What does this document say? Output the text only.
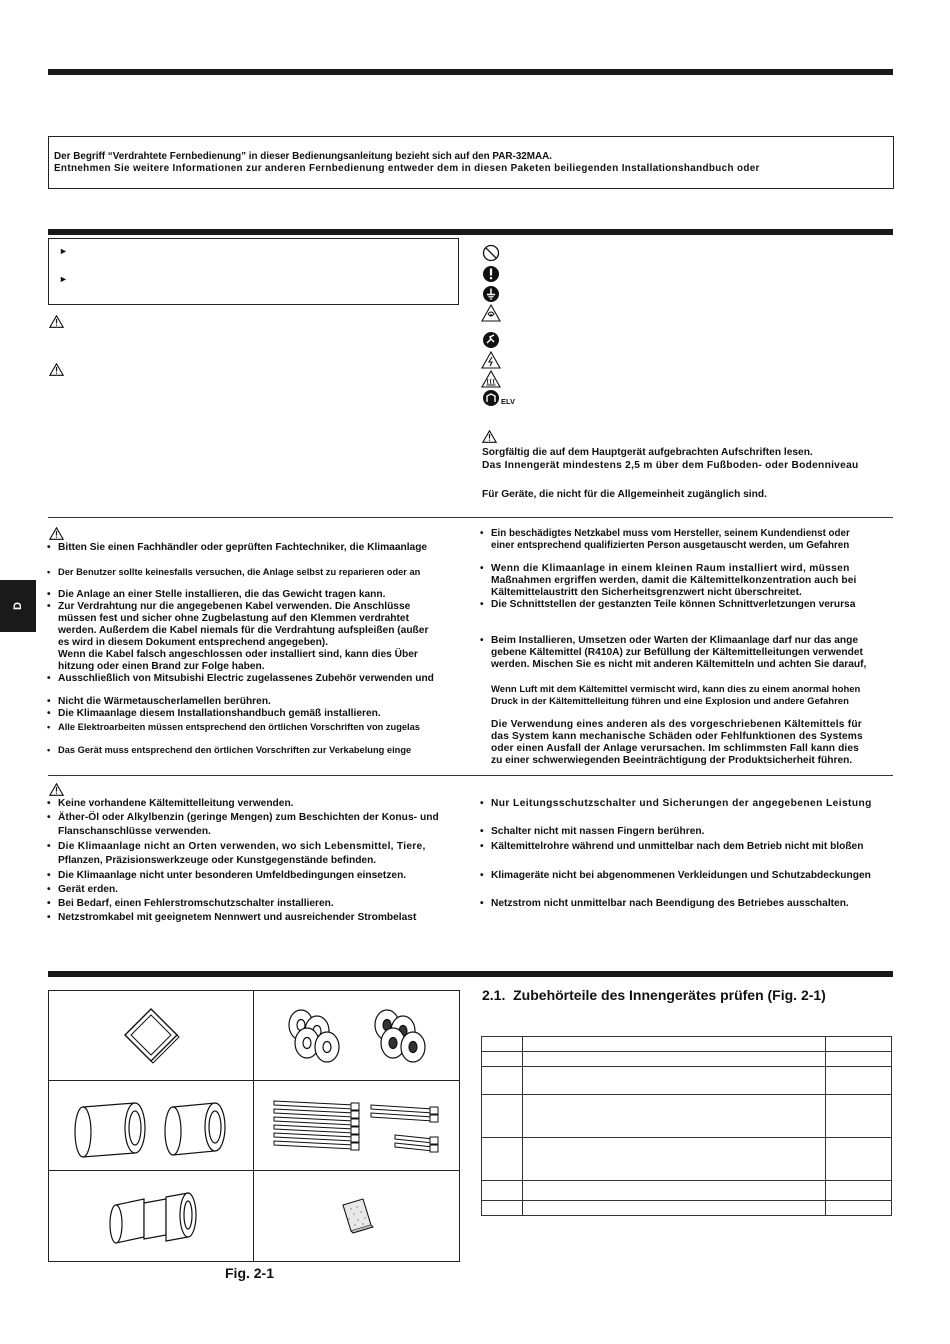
D
Der Begriff “Verdrahtete Fernbedienung” in dieser Bedienungsanleitung bezieht sich auf den PAR-32MAA.
Entnehmen Sie weitere Informationen zur anderen Fernbedienung entweder dem in diesen Paketen beiliegenden Installationshandbuch oder
►
►
ELV
Sorgfältig die auf dem Hauptgerät aufgebrachten Aufschriften lesen.
Das Innengerät mindestens 2,5 m über dem Fußboden- oder Bodenniveau
Für Geräte, die nicht für die Allgemeinheit zugänglich sind.
• Bitten Sie einen Fachhändler oder geprüften Fachtechniker, die Klimaanlage
• Der Benutzer sollte keinesfalls versuchen, die Anlage selbst zu reparieren oder an
• Die Anlage an einer Stelle installieren, die das Gewicht tragen kann.
• Zur Verdrahtung nur die angegebenen Kabel verwenden. Die Anschlüsse
müssen fest und sicher ohne Zugbelastung auf den Klemmen verdrahtet
werden. Außerdem die Kabel niemals für die Verdrahtung aufspleißen (außer
es wird in diesem Dokument entsprechend angegeben).
Wenn die Kabel falsch angeschlossen oder installiert sind, kann dies Über
hitzung oder einen Brand zur Folge haben.
• Ausschließlich von Mitsubishi Electric zugelassenes Zubehör verwenden und
• Nicht die Wärmetauscherlamellen berühren.
• Die Klimaanlage diesem Installationshandbuch gemäß installieren.
• Alle Elektroarbeiten müssen entsprechend den örtlichen Vorschriften von zugelas
• Das Gerät muss entsprechend den örtlichen Vorschriften zur Verkabelung einge
• Ein beschädigtes Netzkabel muss vom Hersteller, seinem Kundendienst oder
einer entsprechend qualifizierten Person ausgetauscht werden, um Gefahren
• Wenn die Klimaanlage in einem kleinen Raum installiert wird, müssen
Maßnahmen ergriffen werden, damit die Kältemittelkonzentration auch bei
Kältemittelaustritt den Sicherheitsgrenzwert nicht überschreitet.
• Die Schnittstellen der gestanzten Teile können Schnittverletzungen verursa
• Beim Installieren, Umsetzen oder Warten der Klimaanlage darf nur das ange
gebene Kältemittel (R410A) zur Befüllung der Kältemittelleitungen verwendet
werden. Mischen Sie es nicht mit anderen Kältemitteln und achten Sie darauf,
Wenn Luft mit dem Kältemittel vermischt wird, kann dies zu einem anormal hohen
Druck in der Kältemittelleitung führen und eine Explosion und andere Gefahren
Die Verwendung eines anderen als des vorgeschriebenen Kältemittels für
das System kann mechanische Schäden oder Fehlfunktionen des Systems
oder einen Ausfall der Anlage verursachen. Im schlimmsten Fall kann dies
zu einer schwerwiegenden Beeinträchtigung der Produktsicherheit führen.
• Keine vorhandene Kältemittelleitung verwenden.
• Äther-Öl oder Alkylbenzin (geringe Mengen) zum Beschichten der Konus- und
Flanschanschlüsse verwenden.
• Die Klimaanlage nicht an Orten verwenden, wo sich Lebensmittel, Tiere,
Pflanzen, Präzisionswerkzeuge oder Kunstgegenstände befinden.
• Die Klimaanlage nicht unter besonderen Umfeldbedingungen einsetzen.
• Gerät erden.
• Bei Bedarf, einen Fehlerstromschutzschalter installieren.
• Netzstromkabel mit geeignetem Nennwert und ausreichender Strombelast
• Nur Leitungsschutzschalter und Sicherungen der angegebenen Leistung
• Schalter nicht mit nassen Fingern berühren.
• Kältemittelrohre während und unmittelbar nach dem Betrieb nicht mit bloßen
• Klimageräte nicht bei abgenommenen Verkleidungen und Schutzabdeckungen
• Netzstrom nicht unmittelbar nach Beendigung des Betriebes ausschalten.
2.1.  Zubehörteile des Innengerätes prüfen (Fig. 2-1)
Fig. 2-1
